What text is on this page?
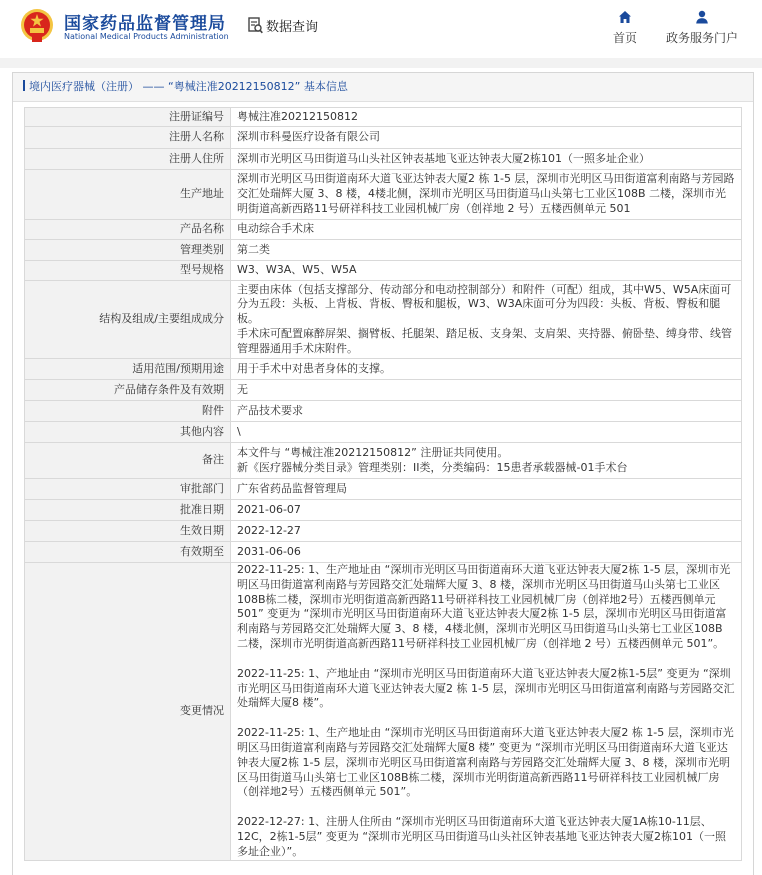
国家药品监督管理局
National Medical Products Administration
数据查询
首页	政务服务门户
境内医疗器械（注册） —— “粤械注准20212150812” 基本信息
注册证编号	粤械注准20212150812
注册人名称	深圳市科曼医疗设备有限公司
注册人住所	深圳市光明区马田街道马山头社区钟表基地飞亚达钟表大厦2栋101（一照多址企业）
生产地址	深圳市光明区马田街道南环大道飞亚达钟表大厦2 栋 1-5 层，深圳市光明区马田街道富利南路与芳园路交汇处瑞辉大厦 3、8 楼，4楼北侧，深圳市光明区马田街道马山头第七工业区108B 二楼，深圳市光明街道高新西路11号研祥科技工业园机械厂房（创祥地 2 号）五楼西侧单元 501
产品名称	电动综合手术床
管理类别	第二类
型号规格	W3、W3A、W5、W5A
结构及组成/主要组成成分	主要由床体（包括支撑部分、传动部分和电动控制部分）和附件（可配）组成，其中W5、W5A床面可分为五段：头板、上背板、背板、臀板和腿板，W3、W3A床面可分为四段：头板、背板、臀板和腿板。

手术床可配置麻醉屏架、搁臂板、托腿架、踏足板、支身架、支肩架、夹持器、俯卧垫、缚身带、线管管理器通用手术床附件。

适用范围/预期用途	用于手术中对患者身体的支撑。
产品储存条件及有效期	无
附件	产品技术要求
其他内容	\
备注	本文件与 “粤械注准20212150812” 注册证共同使用。

新《医疗器械分类目录》管理类别：II类，分类编码：15患者承载器械-01手术台

审批部门	广东省药品监督管理局
批准日期	2021-06-07
生效日期	2022-12-27
有效期至	2031-06-06
变更情况	2022-11-25: 1、生产地址由 “深圳市光明区马田街道南环大道飞亚达钟表大厦2栋 1-5 层，深圳市光明区马田街道富利南路与芳园路交汇处瑞辉大厦 3、8 楼，深圳市光明区马田街道马山头第七工业区108B栋二楼，深圳市光明街道高新西路11号研祥科技工业园机械厂房（创祥地2号）五楼西侧单元 501” 变更为 “深圳市光明区马田街道南环大道飞亚达钟表大厦2栋 1-5 层，深圳市光明区马田街道富利南路与芳园路交汇处瑞辉大厦 3、8 楼，4楼北侧，深圳市光明区马田街道马山头第七工业区108B 二楼，深圳市光明街道高新西路11号研祥科技工业园机械厂房（创祥地 2 号）五楼西侧单元 501”。

2022-11-25: 1、产地址由 “深圳市光明区马田街道南环大道飞亚达钟表大厦2栋1-5层” 变更为 “深圳市光明区马田街道南环大道飞亚达钟表大厦2 栋 1-5 层，深圳市光明区马田街道富利南路与芳园路交汇处瑞辉大厦8 楼”。

2022-11-25: 1、生产地址由 “深圳市光明区马田街道南环大道飞亚达钟表大厦2 栋 1-5 层，深圳市光明区马田街道富利南路与芳园路交汇处瑞辉大厦8 楼” 变更为 “深圳市光明区马田街道南环大道飞亚达钟表大厦2栋 1-5 层，深圳市光明区马田街道富利南路与芳园路交汇处瑞辉大厦 3、8 楼，深圳市光明区马田街道马山头第七工业区108B栋二楼，深圳市光明街道高新西路11号研祥科技工业园机械厂房（创祥地2号）五楼西侧单元 501”。

2022-12-27: 1、注册人住所由 “深圳市光明区马田街道南环大道飞亚达钟表大厦1A栋10-11层、12C，2栋1-5层” 变更为 “深圳市光明区马田街道马山头社区钟表基地飞亚达钟表大厦2栋101（一照多址企业）”。
